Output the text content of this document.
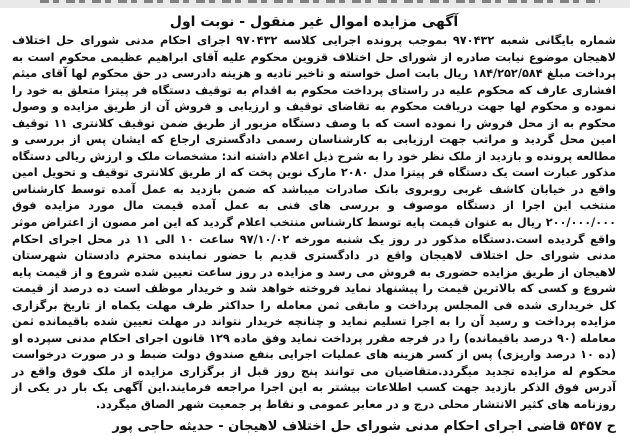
آگهی مزایده اموال غیر منقول - نوبت اول

شماره بایگانی شعبه ۹۷۰۴۳۲ بموجب پرونده اجرایی کلاسه ۹۷۰۴۳۲ اجرای احکام مدنی شورای حل اختلاف لاهیجان موضوع نیابت صادره از شورای حل اختلاف قزوین محکوم علیه آقای ابراهیم عظیمی محکوم است به پرداخت مبلغ ۱۸۴/۲۵۲/۵۸۴ ریال بابت اصل خواسته و تاخیر تادیه و هزینه دادرسی در حق محکوم لها آقای میثم افشاری عارف که محکوم علیه در راستای پرداخت محکوم به اقدام به توقیف دستگاه فر پیتزا متعلق به خود را نموده و محکوم لها جهت دریافت محکوم به تقاضای توقیف و ارزیابی و فروش آن از طریق مزایده و وصول محکوم به از محل فروش را نموده است که با وصف دستگاه مزبور از طریق ضمن توقیف کلانتری ۱۱ توقیف امین محل گردید و مراتب جهت ارزیابی به کارشناسان رسمی دادگستری ارجاع که ایشان پس از بررسی و مطالعه پرونده و بازدید از ملک نظر خود را به شرح ذیل اعلام داشته اند: مشخصات ملک و ارزش ریالی دستگاه مذکور عبارت است یک دستگاه فر پیتزا مدل ۲۰۸۰ مارک نوین پخت که از طریق کلانتری توقیف و تحویل امین واقع در خیابان کاشف غربی روبروی بانک صادرات میباشد که ضمن بازدید به عمل آمده توسط کارشناس منتخب این اجرا از دستگاه موصوف و بررسی های فنی به عمل آمده قیمت مال مورد مزایده فوق ۲۰۰/۰۰۰/۰۰۰ ریال به عنوان قیمت پایه توسط کارشناس منتخب اعلام گردید که این امر مصون از اعتراض موثر واقع گردیده است.دستگاه مذکور در روز یک شنبه مورخه ۹۷/۱۰/۰۲ ساعت ۱۰ الی ۱۱ در محل اجرای احکام مدنی شورای حل اختلاف لاهیجان واقع در دادگستری قدیم با حضور نماینده محترم دادستان شهرستان لاهیجان از طریق مزایده حضوری به فروش می رسد و مزایده در روز ساعت تعیین شده شروع و از قیمت پایه شروع و کسی که بالاترین قیمت را پیشنهاد نماید فروخته خواهد شد و خریدار موظف است ده درصد از قیمت کل خریداری شده فی المجلس پرداخت و مابقی ثمن معامله را حداکثر ظرف مهلت یکماه از تاریخ برگزاری مزایده پرداخت و رسید آن را به اجرا تسلیم نماید و چنانچه خریدار نتواند در مهلت تعیین شده باقیمانده ثمن معامله (۹۰ درصد باقیمانده) را در فرجه مقرر پرداخت نماید وفق ماده ۱۲۹ قانون اجرای احکام مدنی سپرده او (ده ۱۰ درصد واریزی) پس از کسر هزینه های عملیات اجرایی بنفع صندوق دولت ضبط و در صورت درخواست محکوم له مزایده تجدید میگردد.متقاضیان می توانند پنج روز قبل از برگزاری مزایده از ملک فوق واقع در آدرس فوق الذکر بازدید جهت کسب اطلاعات بیشتر به این اجرا مراجعه فرمایند.این آگهی یک بار در یکی از روزنامه های کثیر الانتشار محلی درج و در معابر عمومی و نقاط پر جمعیت شهر الصاق میگردد.

ح ۵۴۵۷ قاضی اجرای احکام مدنی شورای حل اختلاف لاهیجان - حدیثه حاجی پور
